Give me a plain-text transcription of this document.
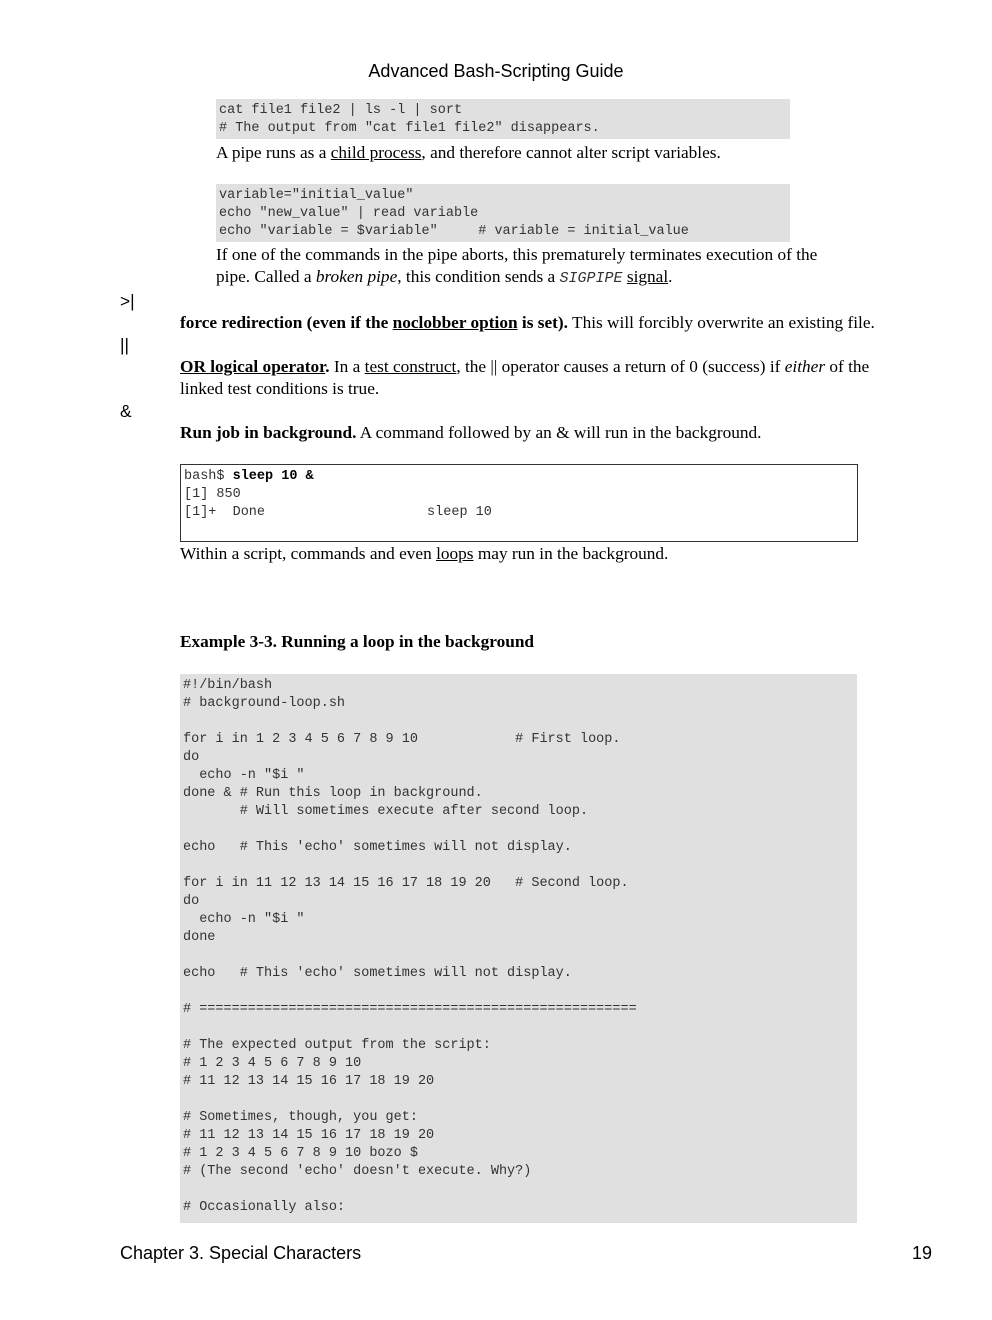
Advanced Bash-Scripting Guide
cat file1 file2 | ls -l | sort
# The output from "cat file1 file2" disappears.
A pipe runs as a child process, and therefore cannot alter script variables.
variable="initial_value"
echo "new_value" | read variable
echo "variable = $variable"     # variable = initial_value
If one of the commands in the pipe aborts, this prematurely terminates execution of the
pipe. Called a broken pipe, this condition sends a SIGPIPE signal.
>|
force redirection (even if the noclobber option is set). This will forcibly overwrite an existing file.
||
OR logical operator. In a test construct, the || operator causes a return of 0 (success) if either of the
linked test conditions is true.
&
Run job in background. A command followed by an & will run in the background.
bash$ sleep 10 &
[1] 850
[1]+  Done                    sleep 10
Within a script, commands and even loops may run in the background.
Example 3-3. Running a loop in the background
#!/bin/bash
# background-loop.sh

for i in 1 2 3 4 5 6 7 8 9 10            # First loop.
do
echo -n "$i "
done & # Run this loop in background.
# Will sometimes execute after second loop.

echo   # This 'echo' sometimes will not display.

for i in 11 12 13 14 15 16 17 18 19 20   # Second loop.
do
echo -n "$i "
done

echo   # This 'echo' sometimes will not display.

# ======================================================

# The expected output from the script:
# 1 2 3 4 5 6 7 8 9 10
# 11 12 13 14 15 16 17 18 19 20

# Sometimes, though, you get:
# 11 12 13 14 15 16 17 18 19 20
# 1 2 3 4 5 6 7 8 9 10 bozo $
# (The second 'echo' doesn't execute. Why?)

# Occasionally also:
Chapter 3. Special Characters	19
